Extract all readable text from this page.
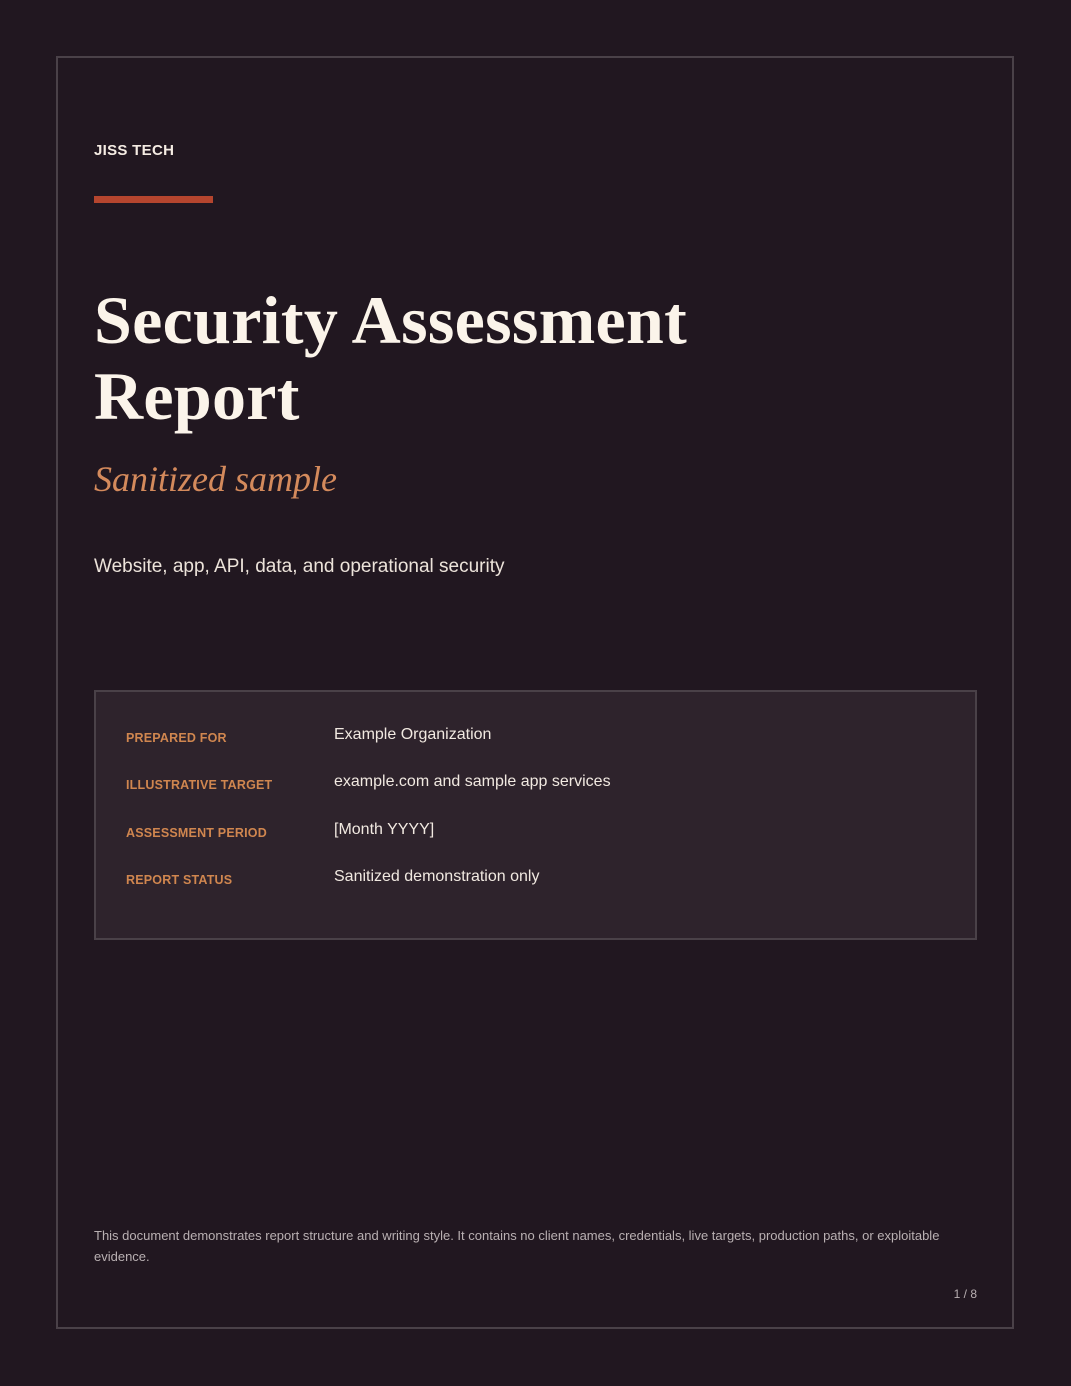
JISS TECH
Security Assessment
Report
Sanitized sample
Website, app, API, data, and operational security
PREPARED FOR	Example Organization
ILLUSTRATIVE TARGET	example.com and sample app services
ASSESSMENT PERIOD	[Month YYYY]
REPORT STATUS	Sanitized demonstration only
This document demonstrates report structure and writing style. It contains no client names, credentials, live targets, production paths, or exploitable evidence.
1 / 8
